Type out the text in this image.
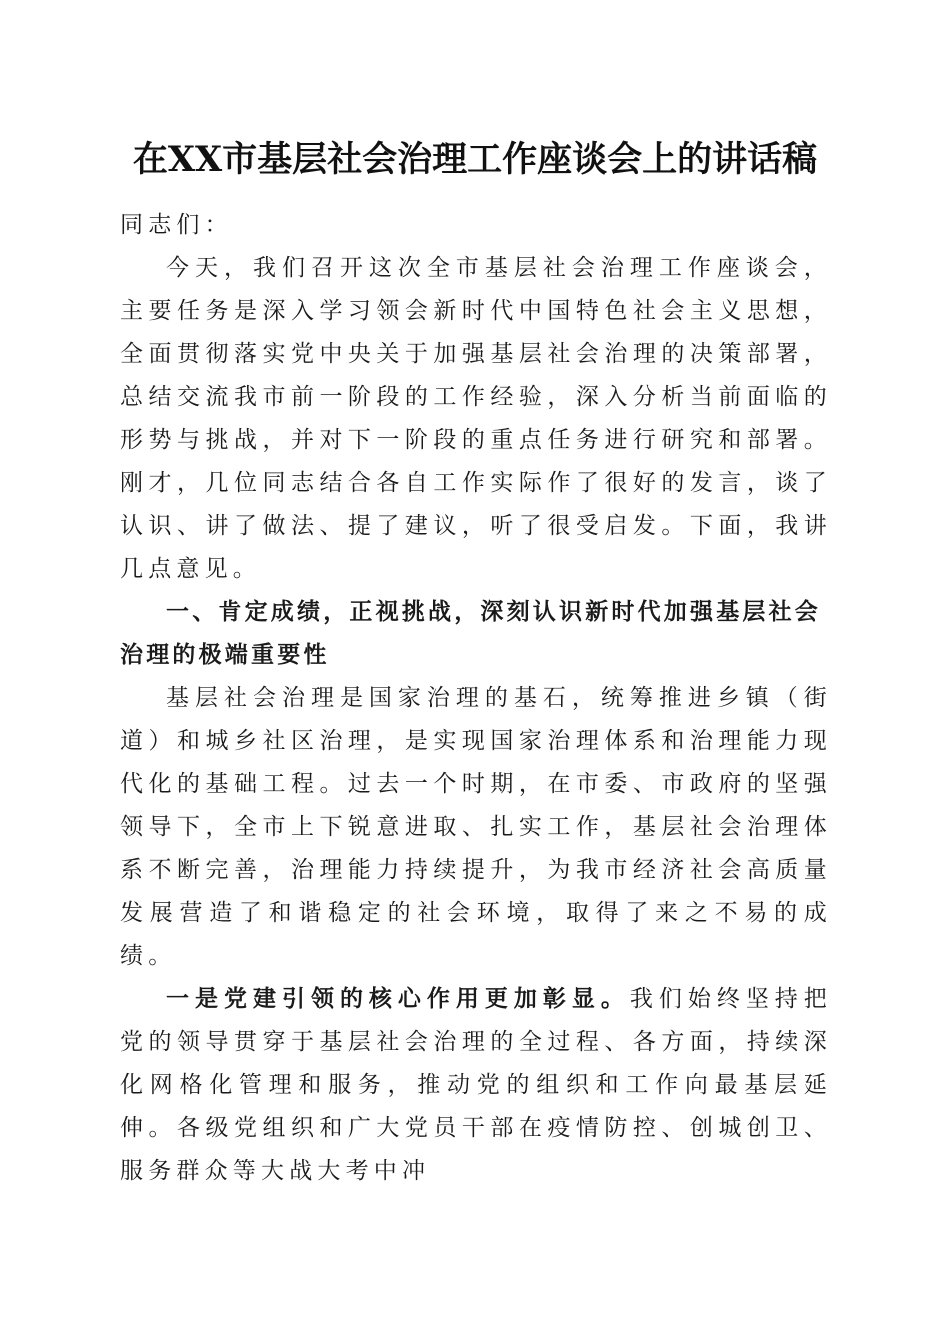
在XX市基层社会治理工作座谈会上的讲话稿
同志们：

今天，我们召开这次全市基层社会治理工作座谈会，主要任务是深入学习领会新时代中国特色社会主义思想，全面贯彻落实党中央关于加强基层社会治理的决策部署，总结交流我市前一阶段的工作经验，深入分析当前面临的形势与挑战，并对下一阶段的重点任务进行研究和部署。刚才，几位同志结合各自工作实际作了很好的发言，谈了认识、讲了做法、提了建议，听了很受启发。下面，我讲几点意见。

一、肯定成绩，正视挑战，深刻认识新时代加强基层社会治理的极端重要性

基层社会治理是国家治理的基石，统筹推进乡镇（街道）和城乡社区治理，是实现国家治理体系和治理能力现代化的基础工程。过去一个时期，在市委、市政府的坚强领导下，全市上下锐意进取、扎实工作，基层社会治理体系不断完善，治理能力持续提升，为我市经济社会高质量发展营造了和谐稳定的社会环境，取得了来之不易的成绩。

一是党建引领的核心作用更加彰显。我们始终坚持把党的领导贯穿于基层社会治理的全过程、各方面，持续深化网格化管理和服务，推动党的组织和工作向最基层延伸。各级党组织和广大党员干部在疫情防控、创城创卫、服务群众等大战大考中冲
